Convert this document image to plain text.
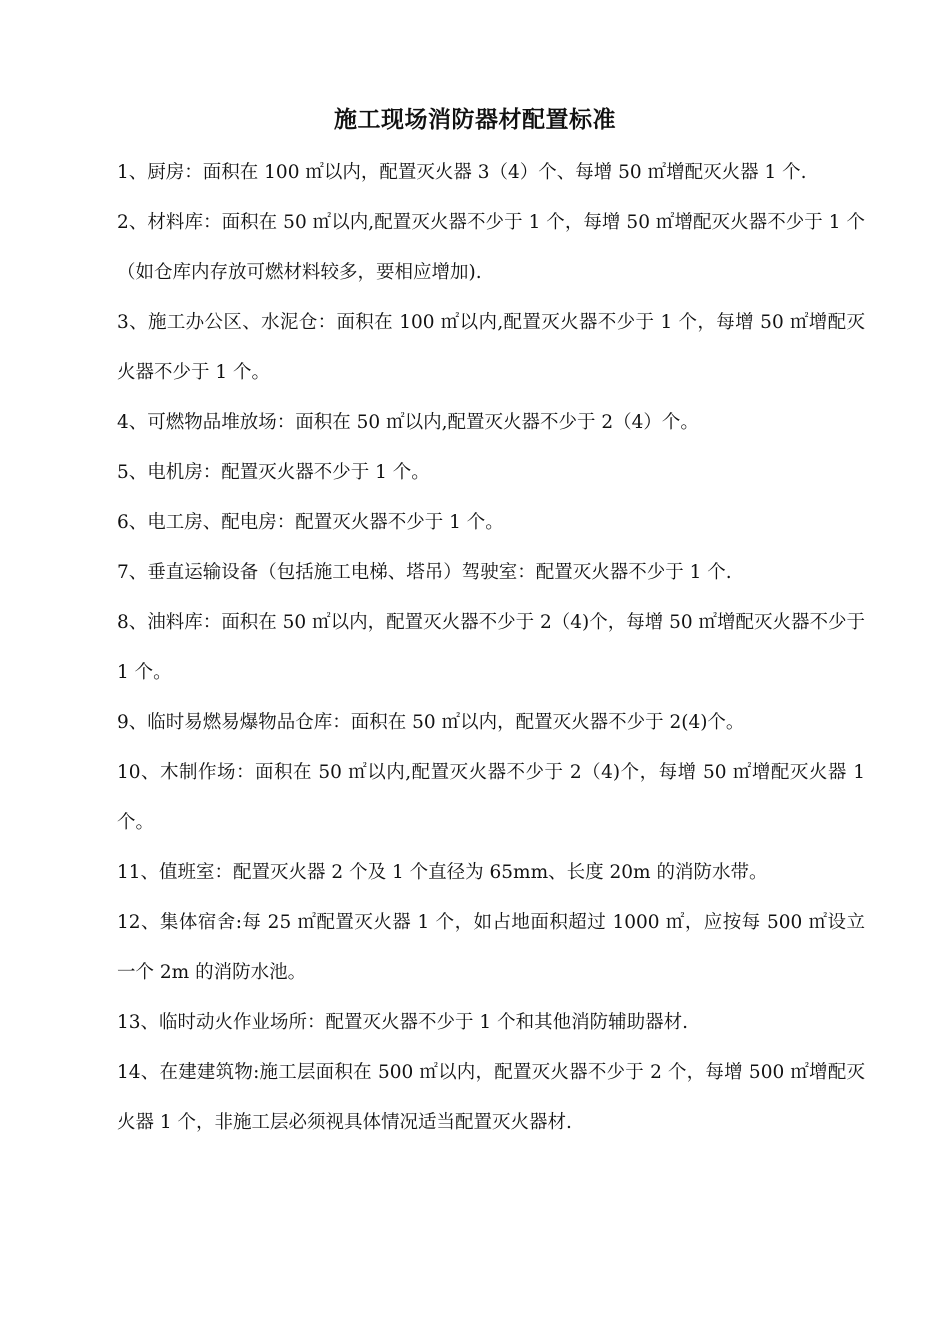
施工现场消防器材配置标准

1、厨房：面积在 100 ㎡以内，配置灭火器 3（4）个、每增 50 ㎡增配灭火器 1 个.

2、材料库：面积在 50 ㎡以内,配置灭火器不少于 1 个，每增 50 ㎡增配灭火器不少于 1 个（如仓库内存放可燃材料较多，要相应增加).

3、施工办公区、水泥仓：面积在 100 ㎡以内,配置灭火器不少于 1 个，每增 50 ㎡增配灭火器不少于 1 个。

4、可燃物品堆放场：面积在 50 ㎡以内,配置灭火器不少于 2（4）个。

5、电机房：配置灭火器不少于 1 个。

6、电工房、配电房：配置灭火器不少于 1 个。

7、垂直运输设备（包括施工电梯、塔吊）驾驶室：配置灭火器不少于 1 个.

8、油料库：面积在 50 ㎡以内，配置灭火器不少于 2（4)个，每增 50 ㎡增配灭火器不少于 1 个。

9、临时易燃易爆物品仓库：面积在 50 ㎡以内，配置灭火器不少于 2(4)个。

10、木制作场：面积在 50 ㎡以内,配置灭火器不少于 2（4)个，每增 50 ㎡增配灭火器 1 个。

11、值班室：配置灭火器 2 个及 1 个直径为 65mm、长度 20m 的消防水带。

12、集体宿舍:每 25 ㎡配置灭火器 1 个，如占地面积超过 1000 ㎡，应按每 500 ㎡设立一个 2m 的消防水池。

13、临时动火作业场所：配置灭火器不少于 1 个和其他消防辅助器材.

14、在建建筑物:施工层面积在 500 ㎡以内，配置灭火器不少于 2 个，每增 500 ㎡增配灭火器 1 个，非施工层必须视具体情况适当配置灭火器材.
